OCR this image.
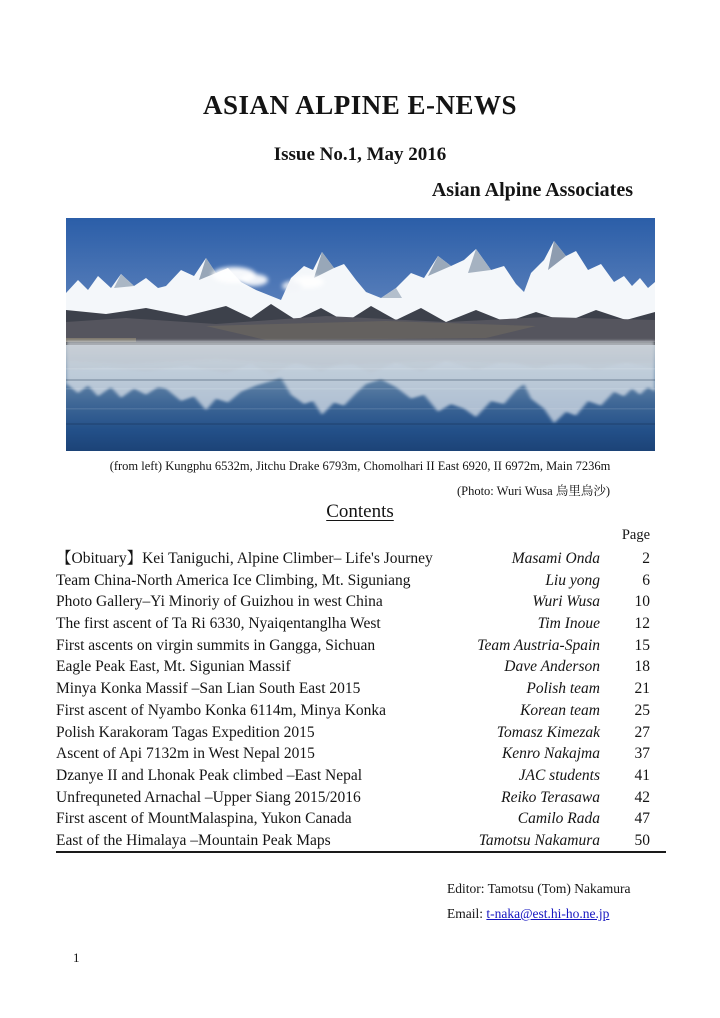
ASIAN ALPINE E-NEWS
Issue No.1, May 2016
Asian Alpine Associates
(from left) Kungphu 6532m, Jitchu Drake 6793m, Chomolhari II East 6920, II 6972m, Main 7236m
(Photo: Wuri Wusa 烏里烏沙)
Contents
Page
【Obituary】Kei Taniguchi, Alpine Climber– Life's Journey	Masami Onda	2
Team China-North America Ice Climbing, Mt. Siguniang	Liu yong	6
Photo Gallery–Yi Minoriy of Guizhou in west China	Wuri Wusa	10
The first ascent of Ta Ri 6330, Nyaiqentanglha West	Tim Inoue	12
First ascents on virgin summits in Gangga, Sichuan	Team Austria-Spain	15
Eagle Peak East, Mt. Sigunian Massif	Dave Anderson	18
Minya Konka Massif –San Lian South East 2015	Polish team	21
First ascent of Nyambo Konka 6114m, Minya Konka	Korean team	25
Polish Karakoram Tagas Expedition 2015	Tomasz Kimezak	27
Ascent of Api 7132m in West Nepal 2015	Kenro Nakajma	37
Dzanye II and Lhonak Peak climbed –East Nepal	JAC students	41
Unfrequneted Arnachal –Upper Siang 2015/2016	Reiko Terasawa	42
First ascent of MountMalaspina, Yukon Canada	Camilo Rada	47
East of the Himalaya –Mountain Peak Maps	Tamotsu Nakamura	50
Editor: Tamotsu (Tom) Nakamura
Email: t-naka@est.hi-ho.ne.jp
1
